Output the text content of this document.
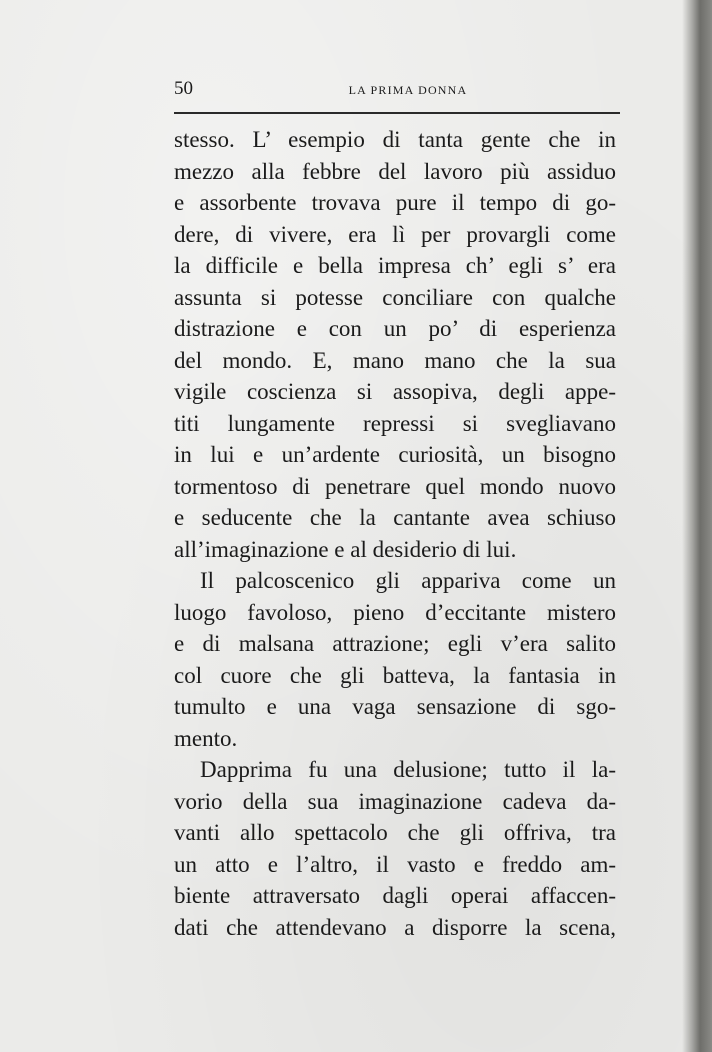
50	LA PRIMA DONNA
stesso. L’ esempio di tanta gente che in
mezzo alla febbre del lavoro più assiduo
e assorbente trovava pure il tempo di go-
dere, di vivere, era lì per provargli come
la difficile e bella impresa ch’ egli s’ era
assunta si potesse conciliare con qualche
distrazione e con un po’ di esperienza
del mondo. E, mano mano che la sua
vigile coscienza si assopiva, degli appe-
titi lungamente repressi si svegliavano
in lui e un’ardente curiosità, un bisogno
tormentoso di penetrare quel mondo nuovo
e seducente che la cantante avea schiuso
all’imaginazione e al desiderio di lui.
Il palcoscenico gli appariva come un
luogo favoloso, pieno d’eccitante mistero
e di malsana attrazione; egli v’era salito
col cuore che gli batteva, la fantasia in
tumulto e una vaga sensazione di sgo-
mento.
Dapprima fu una delusione; tutto il la-
vorio della sua imaginazione cadeva da-
vanti allo spettacolo che gli offriva, tra
un atto e l’altro, il vasto e freddo am-
biente attraversato dagli operai affaccen-
dati che attendevano a disporre la scena,
